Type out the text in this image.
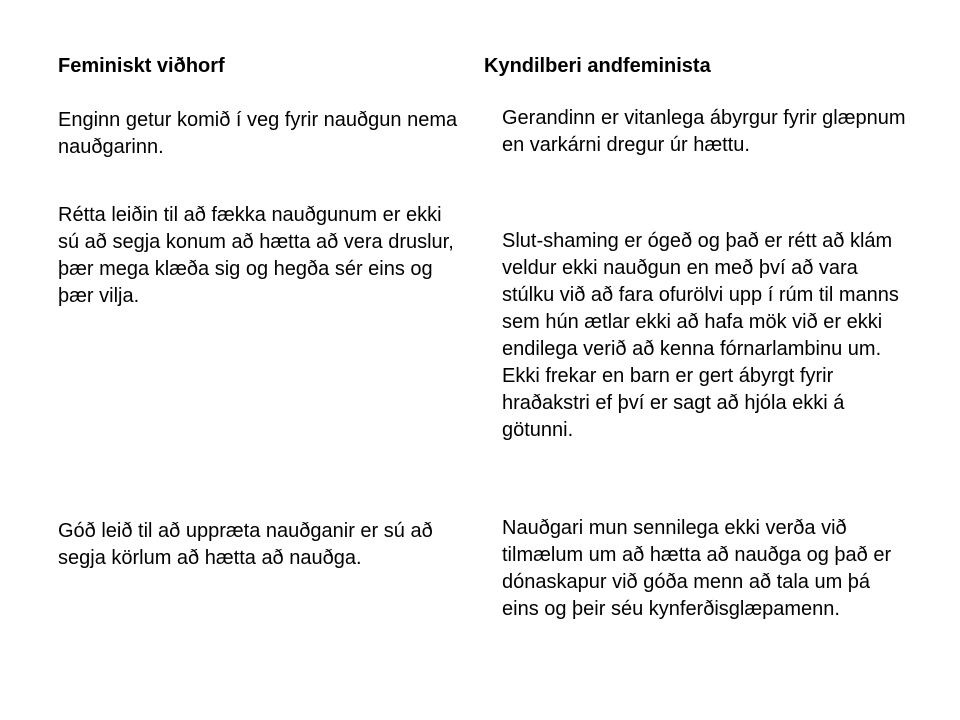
Feminiskt viðhorf

Enginn getur komið í veg fyrir nauðgun nema nauðgarinn.

Rétta leiðin til að fækka nauðgunum er ekki sú að segja konum að hætta að vera druslur, þær mega klæða sig og hegða sér eins og þær vilja.

Góð leið til að uppræta nauðganir er sú að segja körlum að hætta að nauðga.

Kyndilberi andfeminista

Gerandinn er vitanlega ábyrgur fyrir glæpnum en varkárni dregur úr hættu.

Slut-shaming er ógeð og það er rétt að klám veldur ekki nauðgun en með því að vara stúlku við að fara ofurölvi upp í rúm til manns sem hún ætlar ekki að hafa mök við er ekki endilega verið að kenna fórnarlambinu um. Ekki frekar en barn er gert ábyrgt fyrir hraðakstri ef því er sagt að hjóla ekki á götunni.

Nauðgari mun sennilega ekki verða við tilmælum um að hætta að nauðga og það er dónaskapur við góða menn að tala um þá eins og þeir séu kynferðisglæpamenn.
